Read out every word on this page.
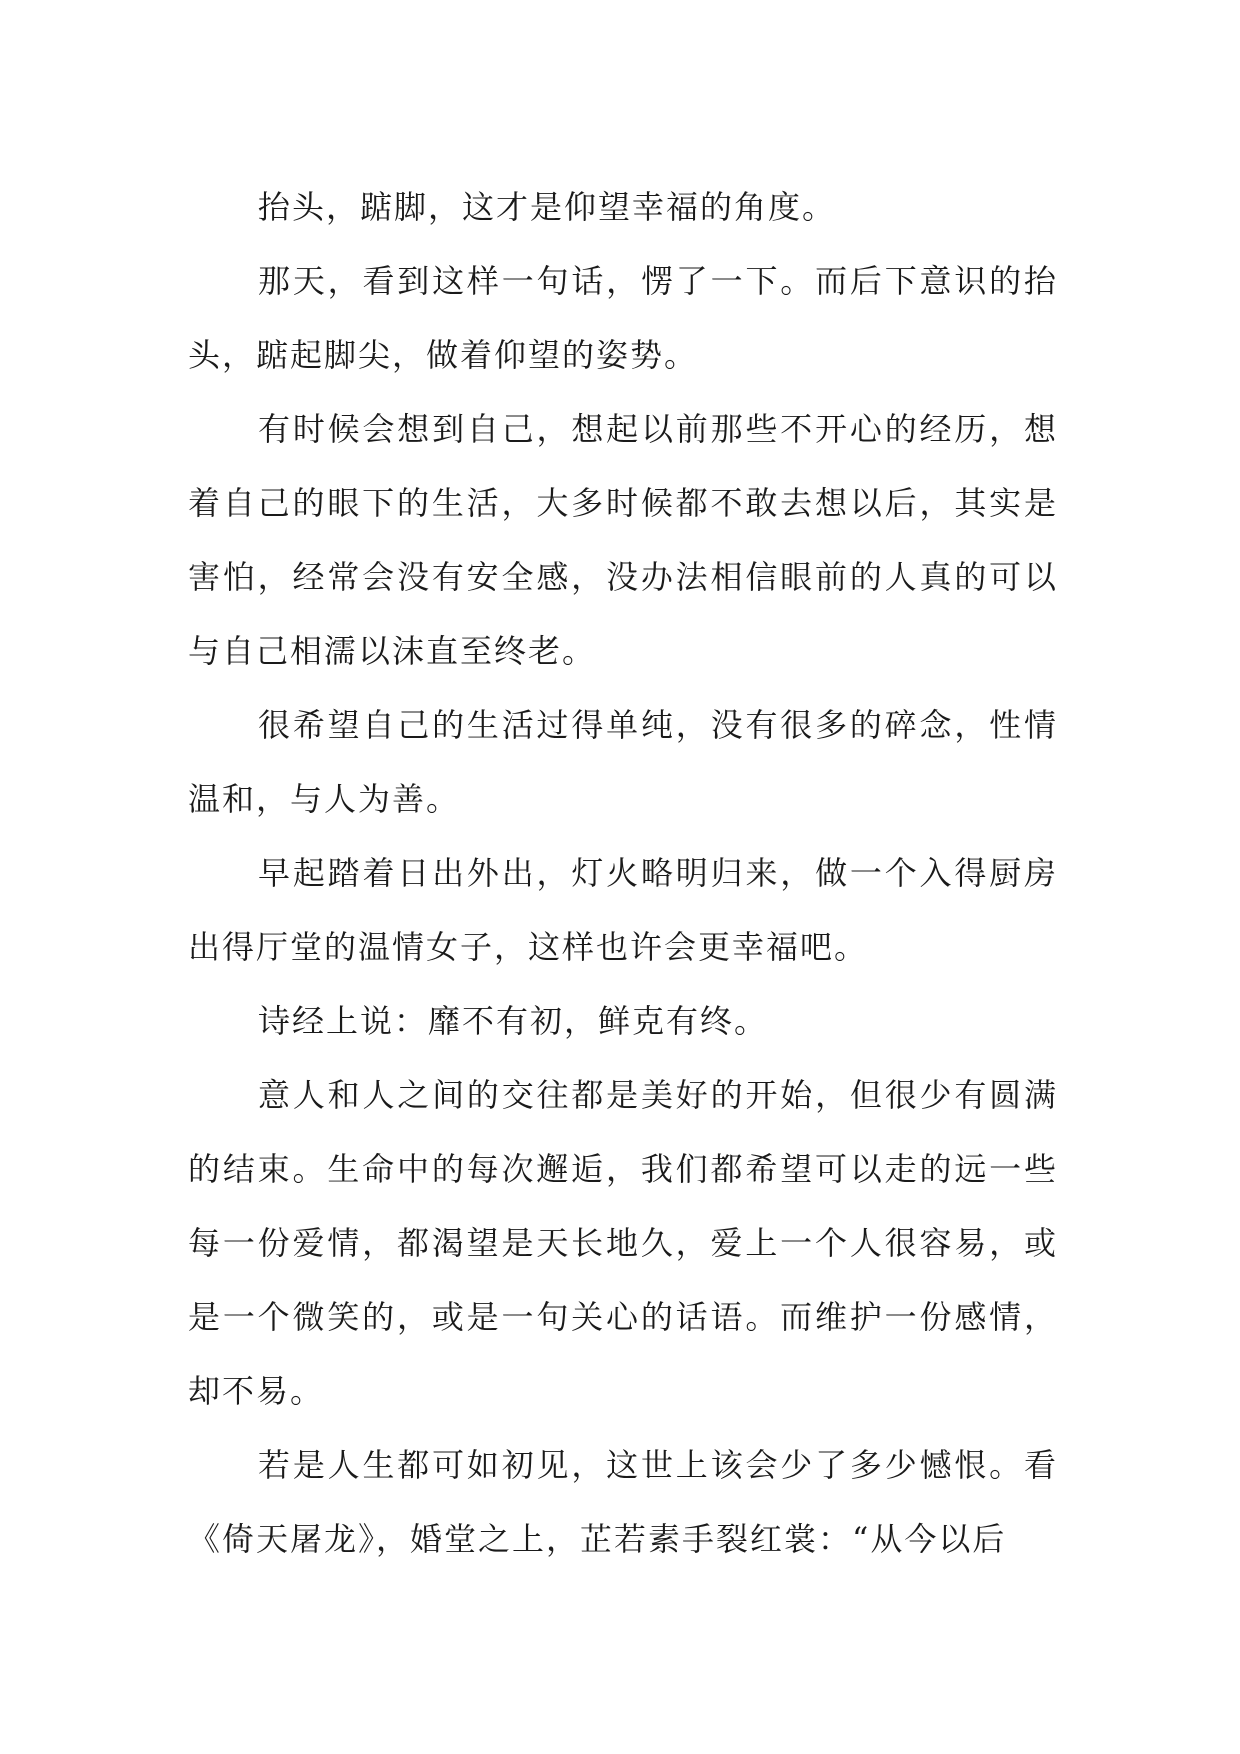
抬头，踮脚，这才是仰望幸福的角度。

那天，看到这样一句话，愣了一下。而后下意识的抬头，踮起脚尖，做着仰望的姿势。

有时候会想到自己，想起以前那些不开心的经历，想着自己的眼下的生活，大多时候都不敢去想以后，其实是害怕，经常会没有安全感，没办法相信眼前的人真的可以与自己相濡以沫直至终老。

很希望自己的生活过得单纯，没有很多的碎念，性情温和，与人为善。

早起踏着日出外出，灯火略明归来，做一个入得厨房出得厅堂的温情女子，这样也许会更幸福吧。

诗经上说：靡不有初，鲜克有终。

意人和人之间的交往都是美好的开始，但很少有圆满的结束。生命中的每次邂逅，我们都希望可以走的远一些每一份爱情，都渴望是天长地久，爱上一个人很容易，或是一个微笑的，或是一句关心的话语。而维护一份感情，却不易。

若是人生都可如初见，这世上该会少了多少憾恨。看《倚天屠龙》，婚堂之上，芷若素手裂红裳：“从今以后
